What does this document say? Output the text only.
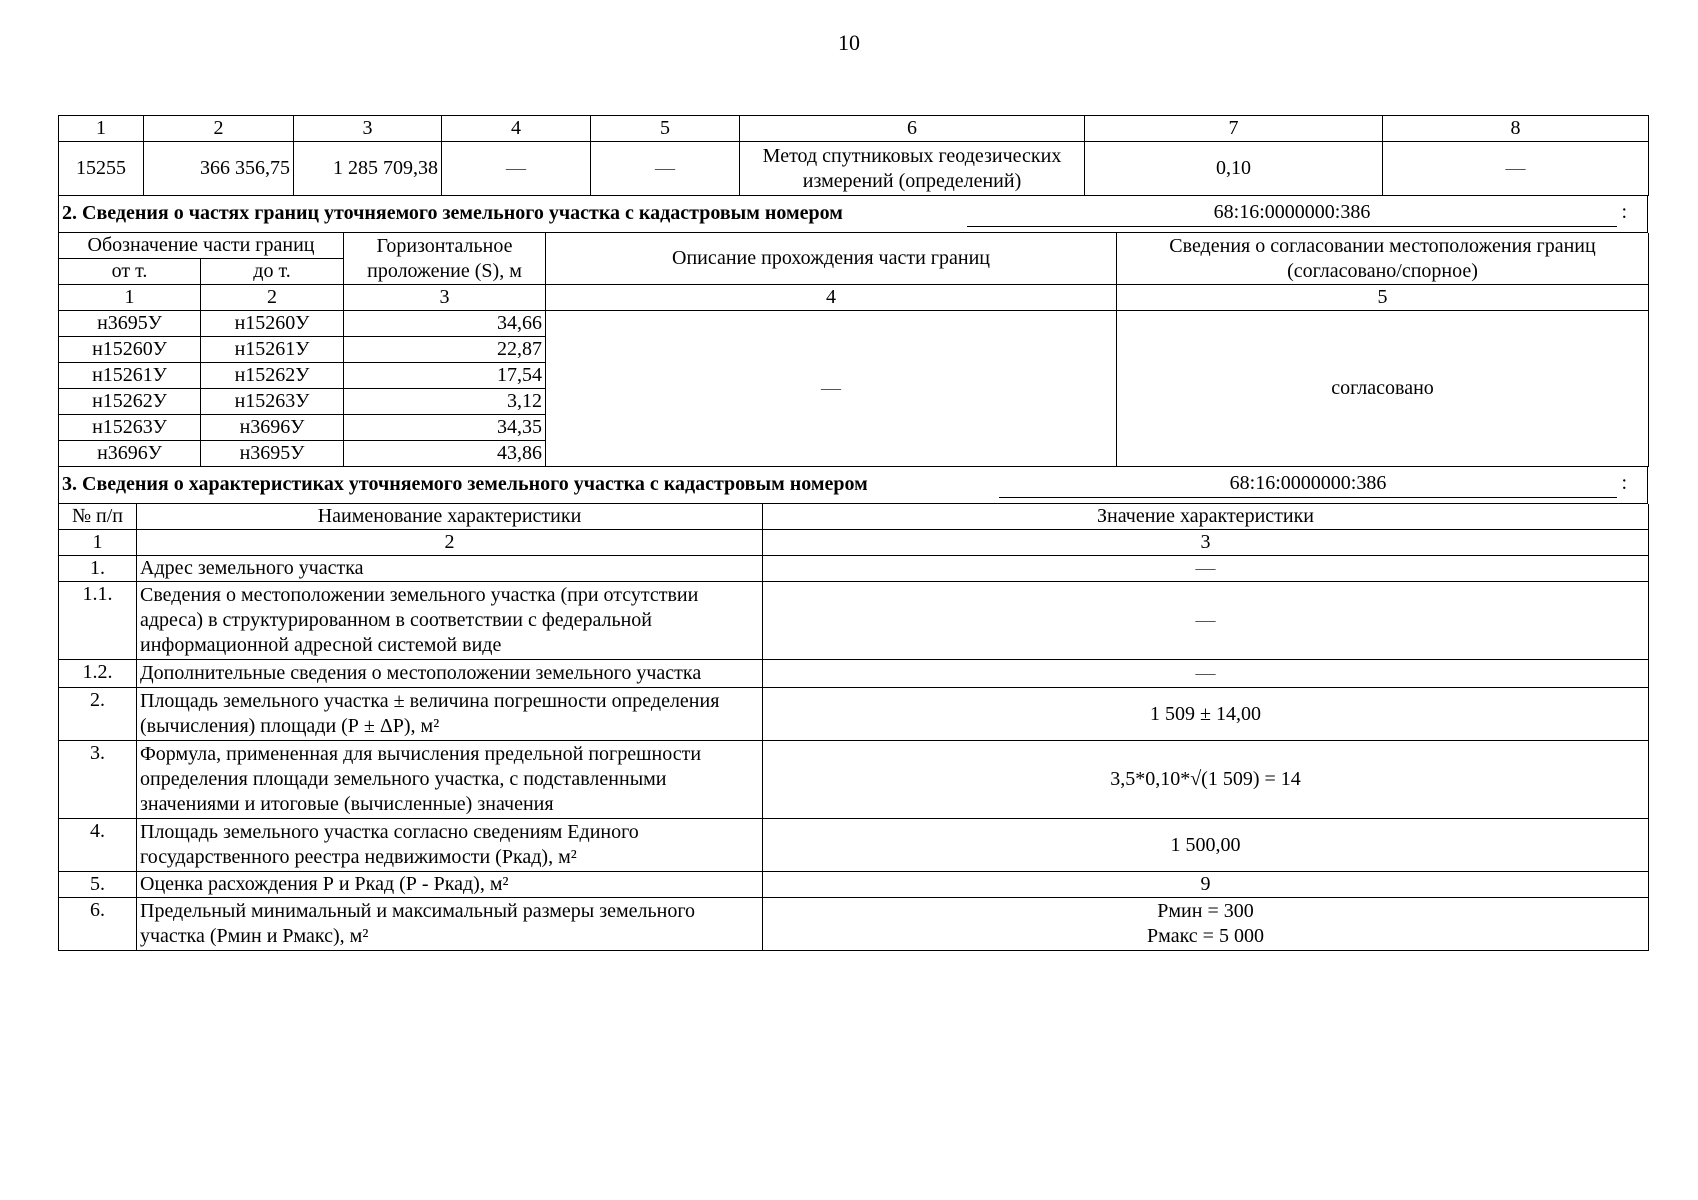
10
1	2	3	4	5	6	7	8
15255	366 356,75	1 285 709,38	—	—	Метод спутниковых геодезических измерений (определений)	0,10	—
2. Сведения о частях границ уточняемого земельного участка с кадастровым номером	68:16:0000000:386	:
Обозначение части границ		Горизонтальное проложение (S), м	Описание прохождения части границ	Сведения о согласовании местоположения границ (согласовано/спорное)
от т.	до т.			
1	2	3	4	5
н3695У	н15260У	34,66	—	согласовано
н15260У	н15261У	22,87		
н15261У	н15262У	17,54		
н15262У	н15263У	3,12		
н15263У	н3696У	34,35		
н3696У	н3695У	43,86		
3. Сведения о характеристиках уточняемого земельного участка с кадастровым номером	68:16:0000000:386	:
№ п/п	Наименование характеристики	Значение характеристики
1	2	3
1.	Адрес земельного участка	—
1.1.	Сведения о местоположении земельного участка (при отсутствии адреса) в структурированном в соответствии с федеральной информационной адресной системой виде	—
1.2.	Дополнительные сведения о местоположении земельного участка	—
2.	Площадь земельного участка ± величина погрешности определения (вычисления) площади (Р ± ΔР), м²	1 509 ± 14,00
3.	Формула, примененная для вычисления предельной погрешности определения площади земельного участка, с подставленными значениями и итоговые (вычисленные) значения	3,5*0,10*√(1 509) = 14
4.	Площадь земельного участка согласно сведениям Единого государственного реестра недвижимости (Ркад), м²	1 500,00
5.	Оценка расхождения Р и Ркад (Р - Ркад), м²	9
6.	Предельный минимальный и максимальный размеры земельного участка (Рмин и Рмакс), м²	Рмин = 300
Рмакс = 5 000
